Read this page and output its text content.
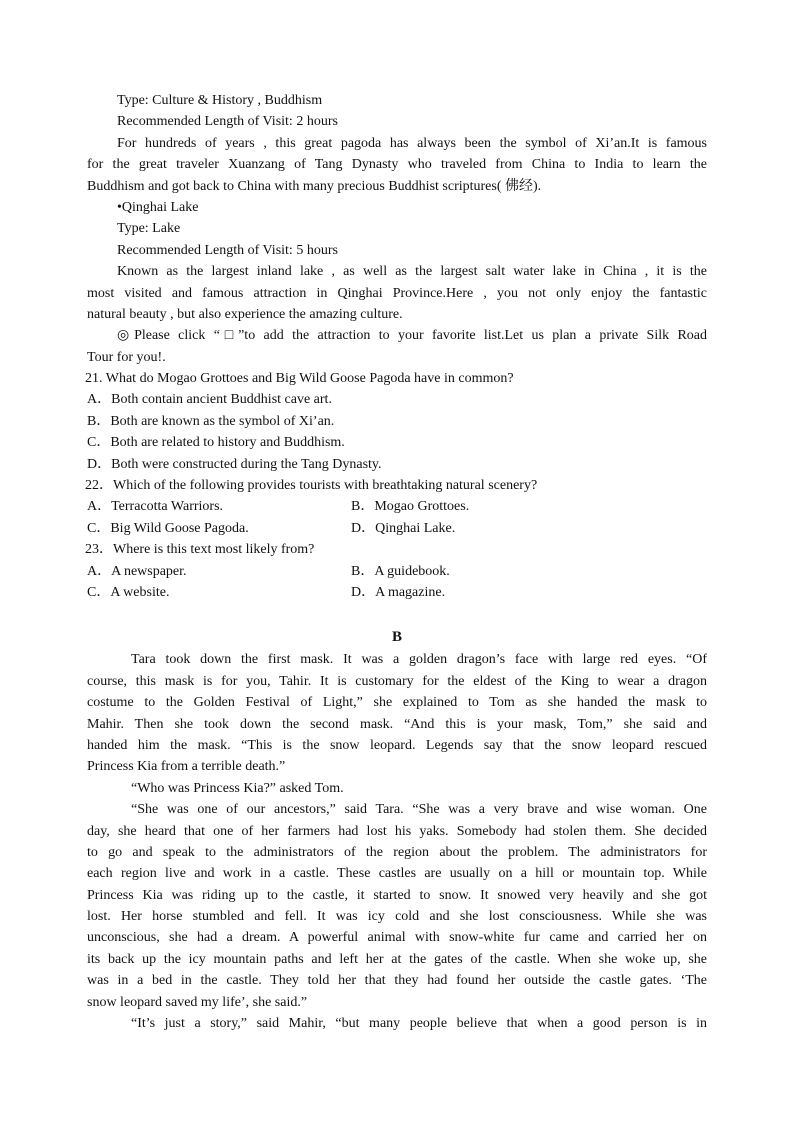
Type: Culture & History , Buddhism
Recommended Length of Visit: 2 hours
For hundreds of years , this great pagoda has always been the symbol of Xi’an.It is famous
for the great traveler Xuanzang of Tang Dynasty who traveled from China to India to learn the
Buddhism and got back to China with many precious Buddhist scriptures( 佛经).
•Qinghai Lake
Type: Lake
Recommended Length of Visit: 5 hours
Known as the largest inland lake , as well as the largest salt water lake in China , it is the
most visited and famous attraction in Qinghai Province.Here , you not only enjoy the fantastic
natural beauty , but also experience the amazing culture.
◎Please click “□”to add the attraction to your favorite list.Let us plan a private Silk Road
Tour for you!.
21. What do Mogao Grottoes and Big Wild Goose Pagoda have in common?
A．Both contain ancient Buddhist cave art.
B．Both are known as the symbol of Xi’an.
C．Both are related to history and Buddhism.
D．Both were constructed during the Tang Dynasty.
22．Which of the following provides tourists with breathtaking natural scenery?
A．Terracotta Warriors.	B．Mogao Grottoes.
C．Big Wild Goose Pagoda.	D．Qinghai Lake.
23．Where is this text most likely from?
A．A newspaper.	B．A guidebook.
C．A website.	D．A magazine.
B
Tara took down the first mask. It was a golden dragon’s face with large red eyes. “Of
course, this mask is for you, Tahir. It is customary for the eldest of the King to wear a dragon
costume to the Golden Festival of Light,” she explained to Tom as she handed the mask to
Mahir. Then she took down the second mask. “And this is your mask, Tom,” she said and
handed him the mask. “This is the snow leopard. Legends say that the snow leopard rescued
Princess Kia from a terrible death.”
“Who was Princess Kia?” asked Tom.
“She was one of our ancestors,” said Tara. “She was a very brave and wise woman. One
day, she heard that one of her farmers had lost his yaks. Somebody had stolen them. She decided
to go and speak to the administrators of the region about the problem. The administrators for
each region live and work in a castle. These castles are usually on a hill or mountain top. While
Princess Kia was riding up to the castle, it started to snow. It snowed very heavily and she got
lost. Her horse stumbled and fell. It was icy cold and she lost consciousness. While she was
unconscious, she had a dream. A powerful animal with snow-white fur came and carried her on
its back up the icy mountain paths and left her at the gates of the castle. When she woke up, she
was in a bed in the castle. They told her that they had found her outside the castle gates. ‘The
snow leopard saved my life’, she said.”
“It’s just a story,” said Mahir, “but many people believe that when a good person is in
